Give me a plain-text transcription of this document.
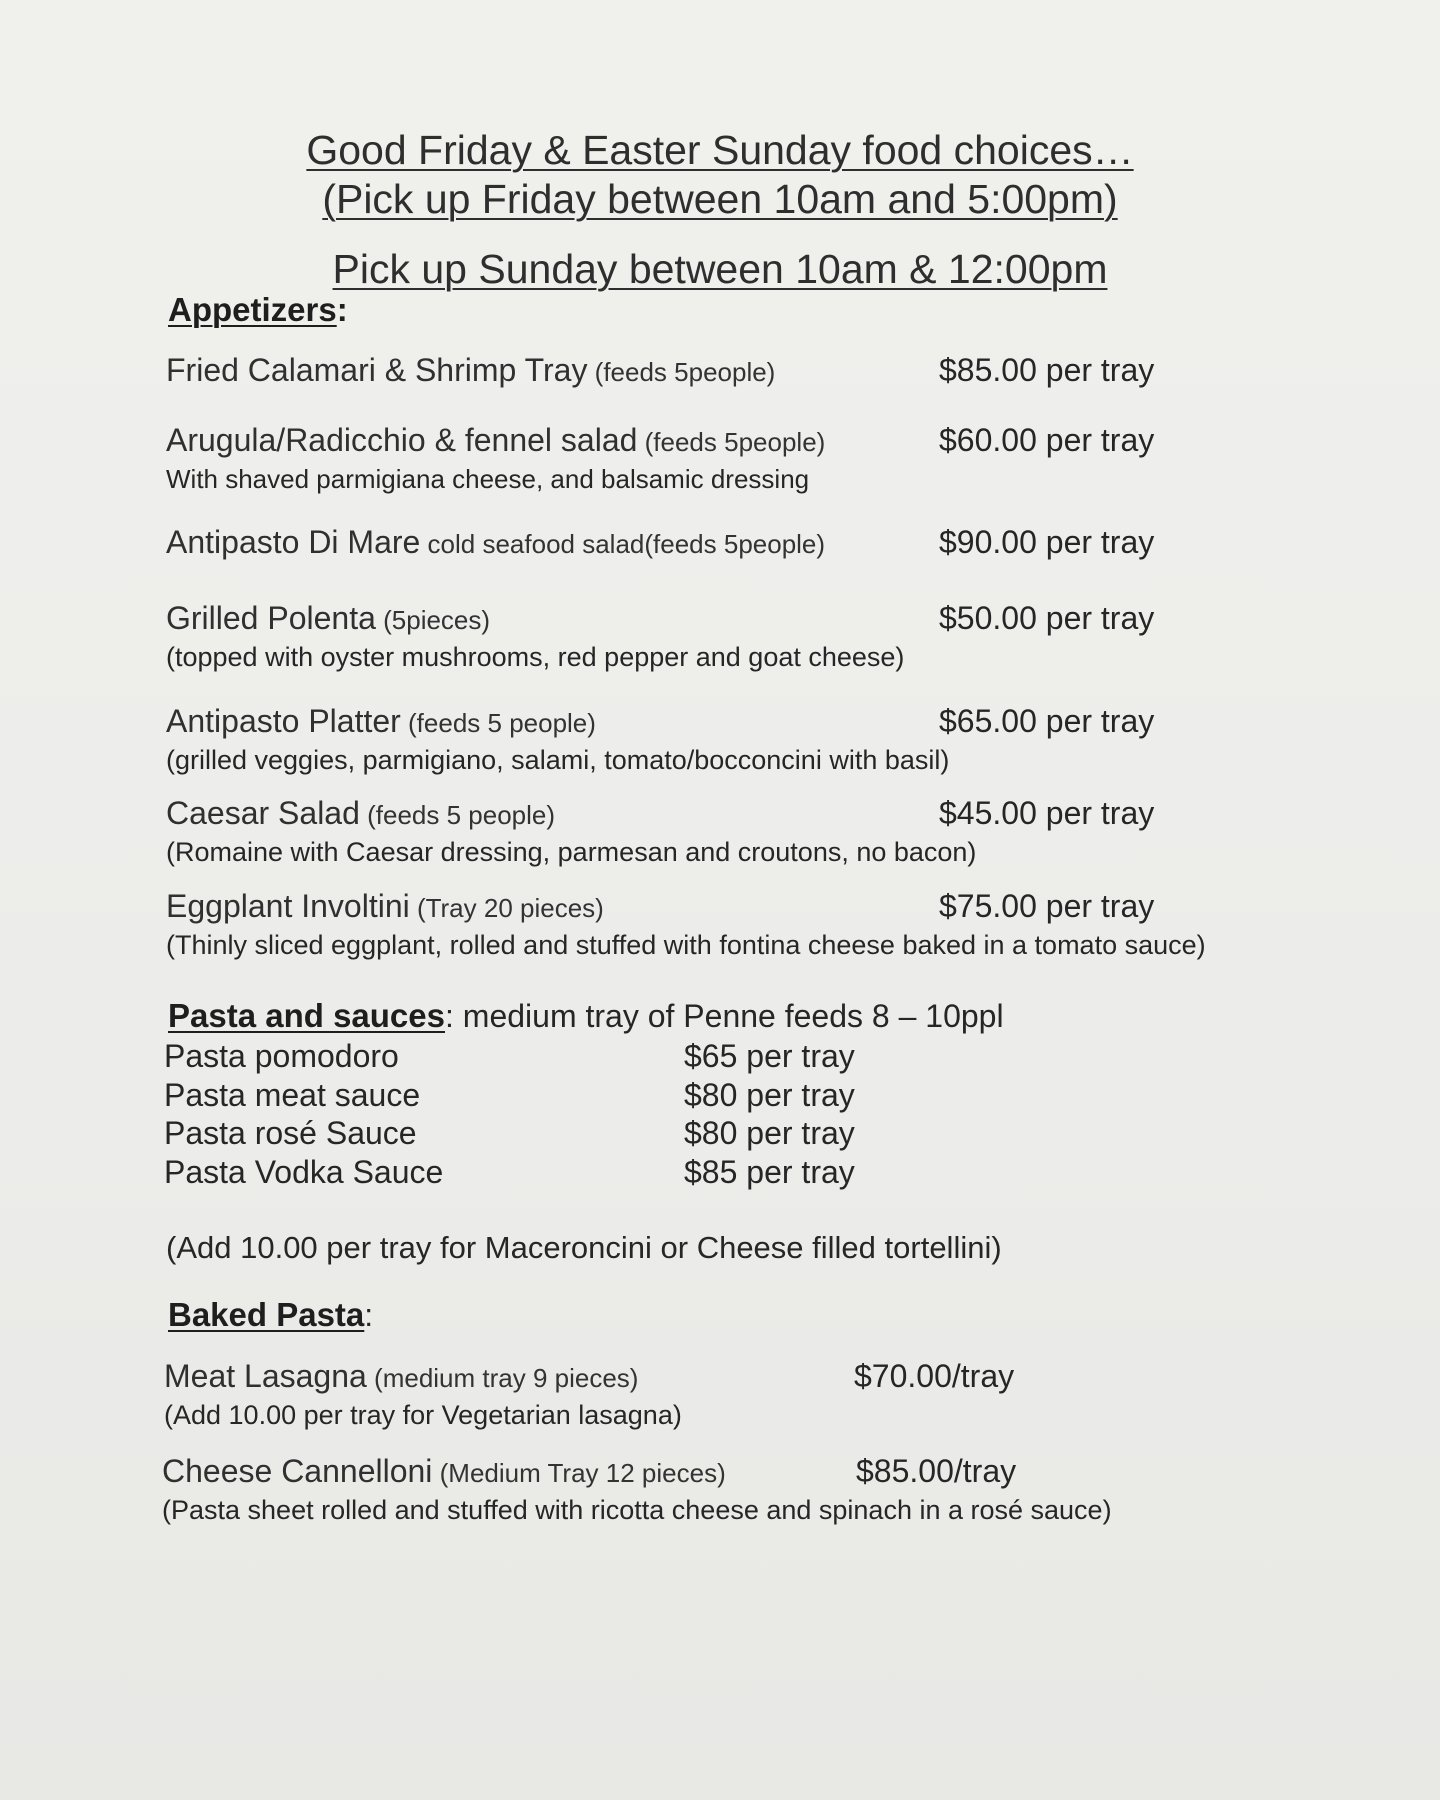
Good Friday & Easter Sunday food choices…
(Pick up Friday between 10am and 5:00pm)
Pick up Sunday between 10am & 12:00pm
Appetizers:
Fried Calamari & Shrimp Tray (feeds 5people)	$85.00 per tray
Arugula/Radicchio & fennel salad (feeds 5people)	$60.00 per tray
With shaved parmigiana cheese, and balsamic dressing
Antipasto Di Mare cold seafood salad(feeds 5people)	$90.00 per tray
Grilled Polenta (5pieces)	$50.00 per tray
(topped with oyster mushrooms, red pepper and goat cheese)
Antipasto Platter (feeds 5 people)	$65.00 per tray
(grilled veggies, parmigiano, salami, tomato/bocconcini with basil)
Caesar Salad (feeds 5 people)	$45.00 per tray
(Romaine with Caesar dressing, parmesan and croutons, no bacon)
Eggplant Involtini (Tray 20 pieces)	$75.00 per tray
(Thinly sliced eggplant, rolled and stuffed with fontina cheese baked in a tomato sauce)
Pasta and sauces: medium tray of Penne feeds 8 – 10ppl
Pasta pomodoro	$65 per tray
Pasta meat sauce	$80 per tray
Pasta rosé Sauce	$80 per tray
Pasta Vodka Sauce	$85 per tray
(Add 10.00 per tray for Maceroncini or Cheese filled tortellini)
Baked Pasta:
Meat Lasagna (medium tray 9 pieces)	$70.00/tray
(Add 10.00 per tray for Vegetarian lasagna)
Cheese Cannelloni (Medium Tray 12 pieces)	$85.00/tray
(Pasta sheet rolled and stuffed with ricotta cheese and spinach in a rosé sauce)
